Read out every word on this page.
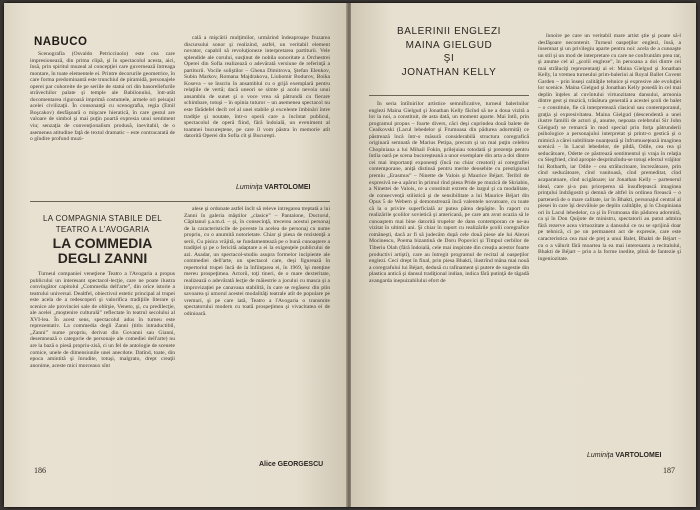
NABUCO

Scenografia (Osvaldo Petricciuolo) este cea care impresionează, din prima clipă, şi în spectacolul acesta, aici, însă, prin spiritul muzeal al concepţiei care guvernează întreaga montare, în toate elementele ei. Printre decorurile geometrice, în care forma predominantă este trunchiul de piramidă, personajele operei par cuhoreite de pe seriile de statui ori din basoreliefurile străvechilor palate şi temple ale Babilonului, într-atât docomentarea riguroasă imprimă costumele, armele ori peisajul acelei civilizaţii. În consonanţă cu scenografia, regia (Emil Boşcakov) desfăşoară o mişcare hieratică, în care gestul are valoare de simbol şi mai puţin poartă expresia unui sentiment viu; senzaţia de convenţionalism produsă, inevitabil, de o asemenea atitudine faţă de textul dramatic – este contracarată de o gîndire profund muzi-

cală a mişcării mulţimilor, urmărind îndeaproape fruzarea discursului sonor şi realizind, astfel, un veritabil element novator, capabil să revoluţioneze interpretarea partiturii. Vele splendide ale corului, susţinut de nobila sonoritate a Orchestrei Operei din Sofia realizează o adevărată versiune de referinţă a partiturii. Vocile soliştilor – Ghena Dimitrova, Ştefan Elenkov, Subin Markov, Romana Majdrakova, Liubomir Bodurov, Boika Koseva – se înscriu în ansamblul cu o grijă exemplară pentru relaţiile de vertă; dacă uneori se simte şi acolo nevoia unui ansamblu de sunet şi o voce vrea să pătrundă cu fiecare schimbare, totuşi – în opinia tuturor – un asemenea spectacol nu este fărădefel decît cel al unei stabile şi excelente îmbinări între tradiţie şi noutate, într-o operă care a încîntat publicul, spectacolul de operă fiind, fără îndoială, un eveniment al toamnei bucureştene, pe care îl vom păstra în memorie atît datorită Operei din Sofia cît şi Bucureşti.

Luminiţa VARTOLOMEI
LA COMPAGNIA STABILE DEL TEATRO A L'AVOGARIA
LA COMMEDIA DEGLI ZANNI

Turneul companiei veneţiene Teatro a l'Avogaria a propus publicului un interesant spectacol-lecţie, care ne poate ilustra convingător capitolul „Commedia dell'arte”, din orice istorie a teatrului universal. Dealtfel, obiectivul estetic principal al trupei este acela de a redescoperi şi valorifica tradiţiile literare şi scenice ale provinciei sale de obîrşie, Veneto, şi, cu predilecţie, ale acelei „moştenire culturală” reflectate în teatrul secolului al XVI-lea. În acest sens, spectacolul adus în turneu este reprezentativ. La commedia degli Zanni (titlu intraductibil, „Zanni” nume propriu, derivat din Govanni sau Gianni, desemnează o categorie de personaje ale comediei dell'arte) nu are la bază o piesă propriu-zisă, ci un fel de antologie de scenete comice, unele de dimensiunile unei anecdote. Datînd, toate, din epoca amintită şi înrudite, totuşi, malgrato, drept creaţii anonime, aceste mici morceaux sînt

alese şi ordonate astfel încît să releve intregarea treptată a lui Zanni în galeria măştilor „clasice” – Pantalone, Doctorul, Căpitanul ş.a.m.d. – şi, în consecinţă, trecerea acestui personaj de la caracteristicile de poveste la acelea de personaj cu nume propriu, cu o anumită notorietate. Chiar şi piesa de rezistenţă a serii, Cu pisica vrăjită, se fundamentează pe o bună cunoaştere a tradiţiei şi pe o fericită adaptare a ei la exigenţele publicului de azi. Asadar, un spectacol-studiu asupra formelor incipiente ale commediei dell'arte, un spectacol care, deşi figurează în repertoriul trupei încă de la înfiinţarea ei, în 1969, îşi menţine mereu prospeţimea. Actorii, toţi tineri, de o mare dexteritate, realizează o adevărată lecţie de măiestrie a jocului cu masca şi a improvizaţiei pe canavaua stabilită, în care se regăsesc din plin savoarea şi umorul acestei modalităţi teatrale atît de populare pe vremuri, şi pe care iată, Teatro a l'Avogaria o transmite spectatorului modern cu toată prospeţimea şi vivacitatea ei de odinioară.

Alice GEORGESCU
186
BALERINII ENGLEZI
MAINA GIELGUD
ŞI
JONATHAN KELLY

În seria întîlnirilor artistice semnificative, turneul balerinilor englezi Maina Gielgud şi Jonathan Kelly făcînd să ne a doua vizită a lor la noi, a constituit, de asta dată, un moment aparte. Mai întîi, prin programul propus – foarte divers, căci deşi cuprindea două balete de Ceaikovski (Lacul lebedelor şi Frumoasa din pădurea adormită) ce păstrează încă într-o măsură considerabilă structura coregrafică originară semnată de Marius Petipa, precum şi un mai puţin celebru Chopiniana a lui Mihail Fokin, prilejuiau totodată şi prezenţa pentru întîia oară pe scena bucureşteană a unor exemplare din arta a doi dintre cei mai importanţi exponenţi (încă nu chiar creatori) ai coregrafiei contemporane, aniţă distinsă pentru merite deosebite cu prestigiosul premiu „Erasmus” – Ninette de Valois şi Maurice Béjart. Teribil de expresivă ne-a apărut în primul rînd piesa Pride pe muzică de Skriabin, a Ninettei de Valois, ce a constituit extrem de largul şi ca modalitate, de consecvenţă stilistică şi de sensibilitate a lui Maurice Béjart din Opus 5 de Webern şi demonstrează încă valentele novatoare, cu toate că la o privire superficială ar putea părea depăşite. În raport cu realizările şcolilor sovietică şi americană, pe care am avut ocazia să le cunoaştem mai bine datorită trupelor de dans contemporan ce ne-au vizitat în ultimii ani. Şi chiar în raport cu realizările şcolii coregrafice româneşti, dacă ar fi să judecăm după cele două piese ale lui Alexei Mocinescu, Poema bizantină de Doru Popovici şi Timpul cerbilor de Tiberiu Olah (fără îndoială, cele mai inspirate din creaţia acestor foarte productivi artişti), care au întregit programul de recital al oaspeţilor englezi. Ceci drept în final, prin piesa Bhakti, ilustrînd mâna mai nouă a coregrafului lui Béjart, dedusă cu rafinament şi putere de sugestie din plastica antică şi dansul tradiţional indian, indica fără putinţă de tăgadă avangarda inepuizabilului efort de

înnoire pe care un veritabil mare artist ştie şi poate să-l desfăşoare necontenit. Turneul oaspeţilor englezi, însă, a însemnat şi un privilegiu aparte pentru noi: acela de a cunoaşte un stil şi un mod de interpretare cu care ne confruntăm prea rar, şi anume cel al „şcolii engleze”, în persoana a doi dintre cei mai străluciţi reprezentanţi ai ei: Maina Gielgud şi Jonathan Kelly, la vremea turneului prim-balerini ai Royal Ballet Covent Garden – prin înseşi calităţile tehnice şi expresive ale evoluţiei lor scenice. Maina Gielgud şi Jonathan Kelly posedă în cel mai deplin înţeles al cuvîntului virtuozitatea dansului, armonia dintre gest şi muzică, trăsătura generală a acestei şcoli de balet – o constituie, fie că interpretează clasicul sau contemporanul, graţia şi expresivitatea. Maina Gielgud (descendentă a unei ilustre familii de actori şi, anume, nepoata celebrului Sir John Gielgud) se remarcă în mod special prin forţa pătrunderii psihologice a personajului interpretat şi printr-o gestică şi o mimică a cărei subtilitate nuanţează şi înfrumuseţează imaginea scenică – în Lacul lebedelor, de pildă, Odile, cea rea şi seducătoare, Odette ce păstrează sentimentul şi vraja în relaţia cu Siegfried, cînd apropie desprinzîndu-se totuşi efectul vrăjitor lui Rotbarth, iar Odile – cea strălucitoare, încrezătoare, prin cînd seducătoare, cînd vanitoasă, cînd premeditat, cînd acaparatoare, cînd ucigătoare; iar Jonathan Kelly – partenerul ideal, care şi-a pus priceperea să însufleţească imaginea prinţului îndrăgostit şi demnă de altfel în ordinea firească – o parteneră de o mare calitate, iar în Bhakti, personajul central al piesei în care îşi dezvăluie pe deplin calităţile, şi în Chopiniana ori în Lacul lebedelor, ca şi în Frumoasa din pădurea adormită, ca şi în Don Quijote de ministru, spectatorii au putut admira fără rezerve acea virtuozitate a dansului ce nu se sprijină doar pe tehnică, ci pe un permanent act de expresie, care este caracteristica cea mai de preţ a unui Balet, Bhakti de Béjart – cu o a vălurit fără moartea la ea mai interesanta a recitalului, Bhakti de Béjart – prin a la forme inedite, plină de fantezie şi ingeniozitate.

Luminiţa VARTOLOMEI
187
